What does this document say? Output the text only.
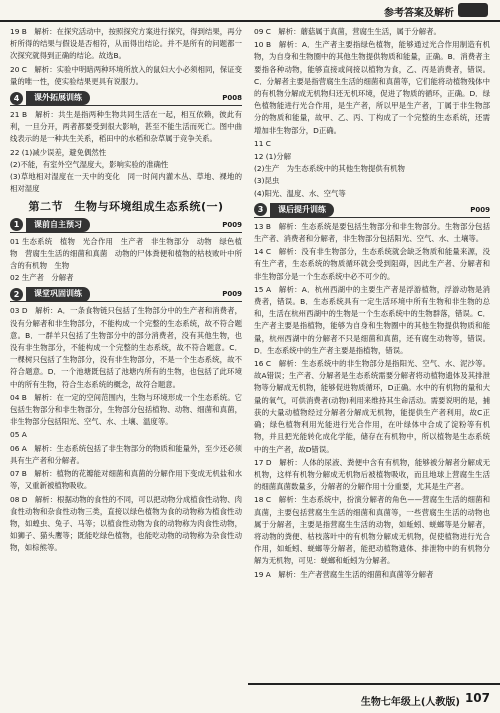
参考答案及解析

19 B　解析：在探究活动中，按照探究方案进行探究，得到结果，再分析所得的结果与假设是否相符，从而得出结论。并不是所有的问题都一次探究就得到正确的结论。故选B。

20 C　解析：实验中明暗两种环境所放入的鼠妇大小必须相同，保证变量的唯一性，使实验结果更具有说服力。

4	课外拓展训练	P008

21 B　解析：共生是指两种生物共同生活在一起，相互依赖，彼此有利，一旦分开，两者都要受到很大影响，甚至不能生活而死亡。图中曲线表示的是一种共生关系，稻田中的水稻和杂草属于竞争关系。

22 (1)减少误差，避免偶然性
(2)不能，有室外空气湿度大，影响实验的准确性
(3)草地相对湿度在一天中的变化　同一时间内灌木丛、草地、裸地的相对湿度

第二节　生物与环境组成生态系统(一)
1	课前自主预习	P009

01 生态系统　植物　光合作用　生产者　非生物部分　动物　绿色植物　营腐生生活的细菌和真菌　动物的尸体粪便和植物的枯枝败叶中所含的有机物　生物
02 生产者　分解者

2	课堂巩固训练	P009

03 D　解析：A．一条食物链只包括了生物部分中的生产者和消费者，没有分解者和非生物部分，不能构成一个完整的生态系统，故不符合题意。B．一群羊只包括了生物部分中的部分消费者，没有其他生物，也没有非生物部分，不能构成一个完整的生态系统，故不符合题意。C．一棵树只包括了生物部分，没有非生物部分，不是一个生态系统，故不符合题意。D．一个池塘既包括了池塘内所有的生物，也包括了此环境中的所有生物，符合生态系统的概念，故符合题意。

04 B　解析：在一定的空间范围内，生物与环境形成一个生态系统。它包括生物部分和非生物部分，生物部分包括植物、动物、细菌和真菌，非生物部分包括阳光、空气、水、土壤、温度等。

05 A

06 A　解析：生态系统包括了非生物部分的物质和能量外，至少还必须具有生产者和分解者。

07 B　解析：植物的花瓣能对细菌和真菌的分解作用下变成无机盐和水等，又重新被植物吸收。

08 D　解析：根据动物的食性的不同，可以把动物分成植食性动物、肉食性动物和杂食性动物三类，直接以绿色植物为食的动物称为植食性动物，如蝗虫、兔子、马等；以植食性动物为食的动物称为肉食性动物，如狮子、猫头鹰等；既能吃绿色植物，也能吃动物的动物称为杂食性动物，如棕熊等。

09 C　解析：蘑菇属于真菌，营腐生生活，属于分解者。

10 B　解析：A．生产者主要指绿色植物，能够通过光合作用制造有机物，为自身和生物圈中的其他生物提供物质和能量，正确。B．消费者主要指各种动物，能够直接或间接以植物为食，乙、丙是消费者，错误。C．分解者主要是指营腐生生活的细菌和真菌等，它们能将动植物残体中的有机物分解成无机物归还无机环境，促进了物质的循环，正确。D．绿色植物能进行光合作用，是生产者，所以甲是生产者，丁属于非生物部分的物质和能量，故甲、乙、丙、丁构成了一个完整的生态系统，还需增加非生物部分，D正确。

11 C

12 (1)分解
(2)生产　为生态系统中的其他生物提供有机物
(3)昆虫
(4)阳光、温度、水、空气等

3	课后提升训练	P009

13 B　解析：生态系统是要包括生物部分和非生物部分。生物部分包括生产者、消费者和分解者，非生物部分包括阳光、空气、水、土壤等。

14 C　解析：没有非生物部分，生态系统就会缺乏物质和能量来源，没有生产者，生态系统的物质循环就会受到阻碍，因此生产者、分解者和非生物部分是一个生态系统中必不可少的。

15 A　解析：A．杭州西湖中的主要生产者是浮游植物，浮游动物是消费者，错误。B．生态系统具有一定生活环境中所有生物和非生物的总和，生活在杭州西湖中的生物是一个生态系统中的生物群落，错误。C．生产者主要是指植物，能够为自身和生物圈中的其他生物提供物质和能量，杭州西湖中的分解者不只是细菌和真菌，还有腐生动物等，错误。D．生态系统中的生产者主要是指植物，错误。

16 C　解析：生态系统中的非生物部分是指阳光、空气、水、泥沙等。故A错误；生产者、分解者是生态系统需要分解者将动植物遗体及其排泄物等分解成无机物，能够促进物质循环，D正确。水中的有机物的量和大量的氧气，可供消费者(动物)利用来维持其生命活动。需要说明的是，捕获的大量动植物经过分解者分解成无机物，能提供生产者利用，故C正确；绿色植物利用光能进行光合作用，在叶绿体中合成了淀粉等有机物，并且把光能转化成化学能，储存在有机物中，所以植物是生态系统中的生产者，故D错误。

17 D　解析：人体的尿液、粪便中含有有机物，能够被分解者分解成无机物，这样有机物分解成无机物后被植物吸收，而且地球上营腐生生活的细菌真菌数量多，分解者的分解作用十分重要，尤其是生产者。

18 C　解析：生态系统中，扮演分解者的角色——营腐生生活的细菌和真菌，主要包括营腐生生活的细菌和真菌等，一些营腐生生活的动物也属于分解者，主要是指营腐生生活的动物，如蚯蚓、蜣螂等是分解者，将动物的粪便、枯枝落叶中的有机物分解成无机物，促使植物进行光合作用，如蚯蚓、蜣螂等分解者，能把动植物遗体、排泄物中的有机物分解为无机物，可见：蜣螂和蚯蚓为分解者。

19 A　解析：生产者营腐生生活的细菌和真菌等分解者

生物七年级上(人教版) 107
